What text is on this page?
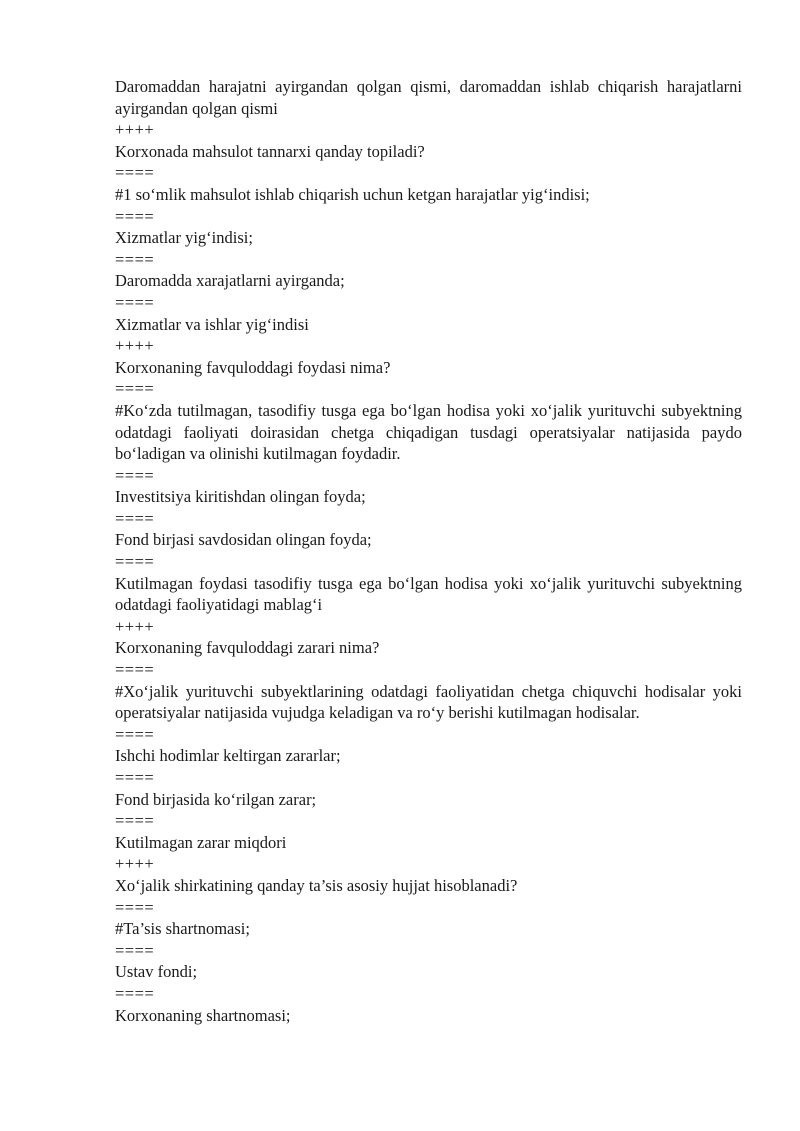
Daromaddan harajatni ayirgandan qolgan qismi, daromaddan ishlab chiqarish harajatlarni ayirgandan qolgan qismi

++++

Korxonada mahsulot tannarxi qanday topiladi?

====

#1 so‘mlik mahsulot ishlab chiqarish uchun ketgan harajatlar yig‘indisi;

====

Xizmatlar yig‘indisi;

====

Daromadda xarajatlarni ayirganda;

====

Xizmatlar va ishlar yig‘indisi

++++

Korxonaning favquloddagi foydasi nima?

====

#Ko‘zda tutilmagan, tasodifiy tusga ega bo‘lgan hodisa yoki xo‘jalik yurituvchi subyektning odatdagi faoliyati doirasidan chetga chiqadigan tusdagi operatsiyalar natijasida paydo bo‘ladigan va olinishi kutilmagan foydadir.

====

Investitsiya kiritishdan olingan foyda;

====

Fond birjasi savdosidan olingan foyda;

====

Kutilmagan foydasi tasodifiy tusga ega bo‘lgan hodisa yoki xo‘jalik yurituvchi subyektning odatdagi faoliyatidagi mablag‘i

++++

Korxonaning favquloddagi zarari nima?

====

#Xo‘jalik yurituvchi subyektlarining odatdagi faoliyatidan chetga chiquvchi hodisalar yoki operatsiyalar natijasida vujudga keladigan va ro‘y berishi kutilmagan hodisalar.

====

Ishchi hodimlar keltirgan zararlar;

====

Fond birjasida ko‘rilgan zarar;

====

Kutilmagan zarar miqdori

++++

Xo‘jalik shirkatining qanday ta’sis asosiy hujjat hisoblanadi?

====

#Ta’sis shartnomasi;

====

Ustav fondi;

====

Korxonaning shartnomasi;
